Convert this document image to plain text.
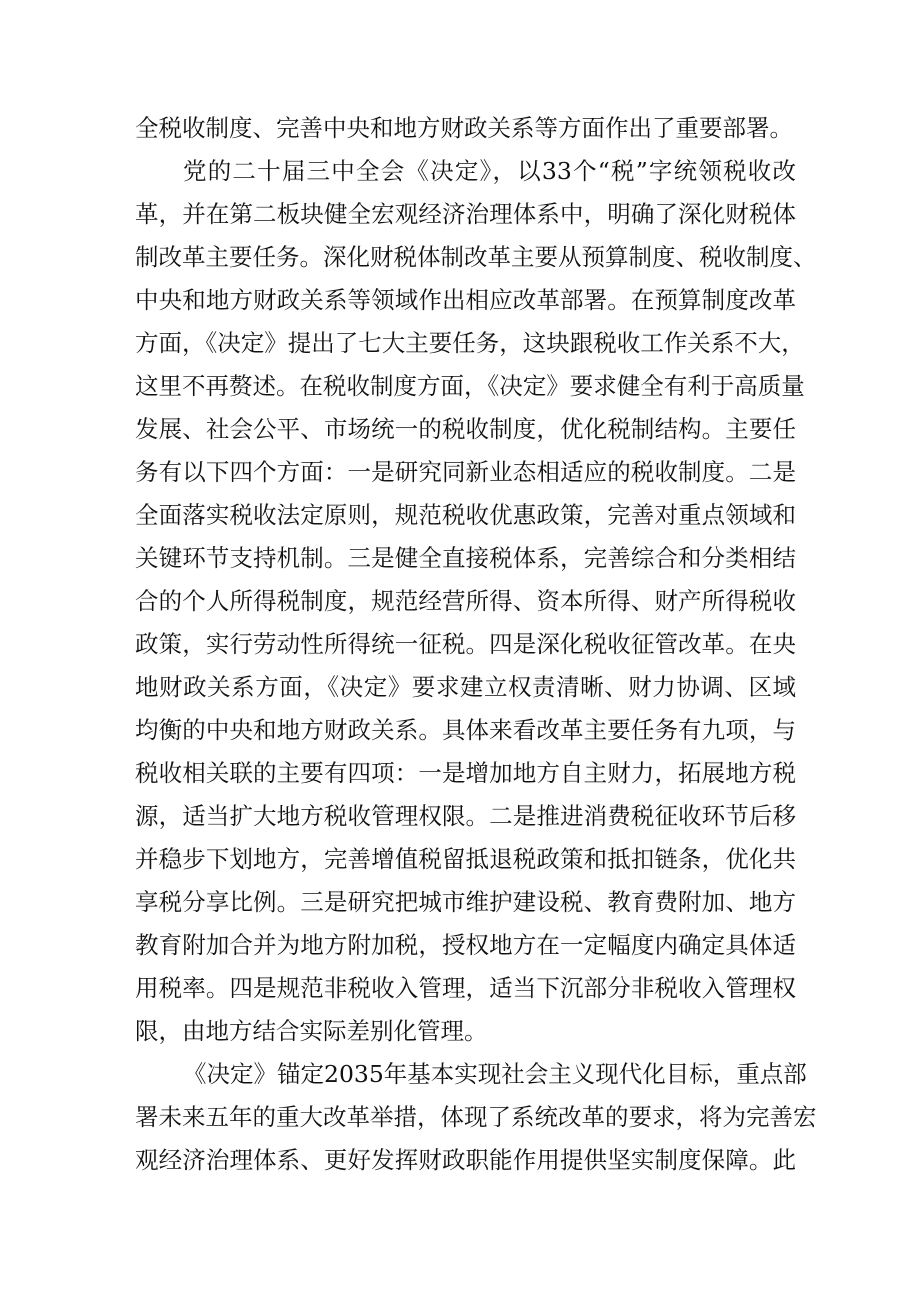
全税收制度、完善中央和地方财政关系等方面作出了重要部署。
党的二十届三中全会《决定》，以33个“税”字统领税收改
革，并在第二板块健全宏观经济治理体系中，明确了深化财税体
制改革主要任务。深化财税体制改革主要从预算制度、税收制度、
中央和地方财政关系等领域作出相应改革部署。在预算制度改革
方面，《决定》提出了七大主要任务，这块跟税收工作关系不大，
这里不再赘述。在税收制度方面，《决定》要求健全有利于高质量
发展、社会公平、市场统一的税收制度，优化税制结构。主要任
务有以下四个方面：一是研究同新业态相适应的税收制度。二是
全面落实税收法定原则，规范税收优惠政策，完善对重点领域和
关键环节支持机制。三是健全直接税体系，完善综合和分类相结
合的个人所得税制度，规范经营所得、资本所得、财产所得税收
政策，实行劳动性所得统一征税。四是深化税收征管改革。在央
地财政关系方面，《决定》要求建立权责清晰、财力协调、区域
均衡的中央和地方财政关系。具体来看改革主要任务有九项，与
税收相关联的主要有四项：一是增加地方自主财力，拓展地方税
源，适当扩大地方税收管理权限。二是推进消费税征收环节后移
并稳步下划地方，完善增值税留抵退税政策和抵扣链条，优化共
享税分享比例。三是研究把城市维护建设税、教育费附加、地方
教育附加合并为地方附加税，授权地方在一定幅度内确定具体适
用税率。四是规范非税收入管理，适当下沉部分非税收入管理权
限，由地方结合实际差别化管理。
《决定》锚定2035年基本实现社会主义现代化目标，重点部
署未来五年的重大改革举措，体现了系统改革的要求，将为完善宏
观经济治理体系、更好发挥财政职能作用提供坚实制度保障。此
